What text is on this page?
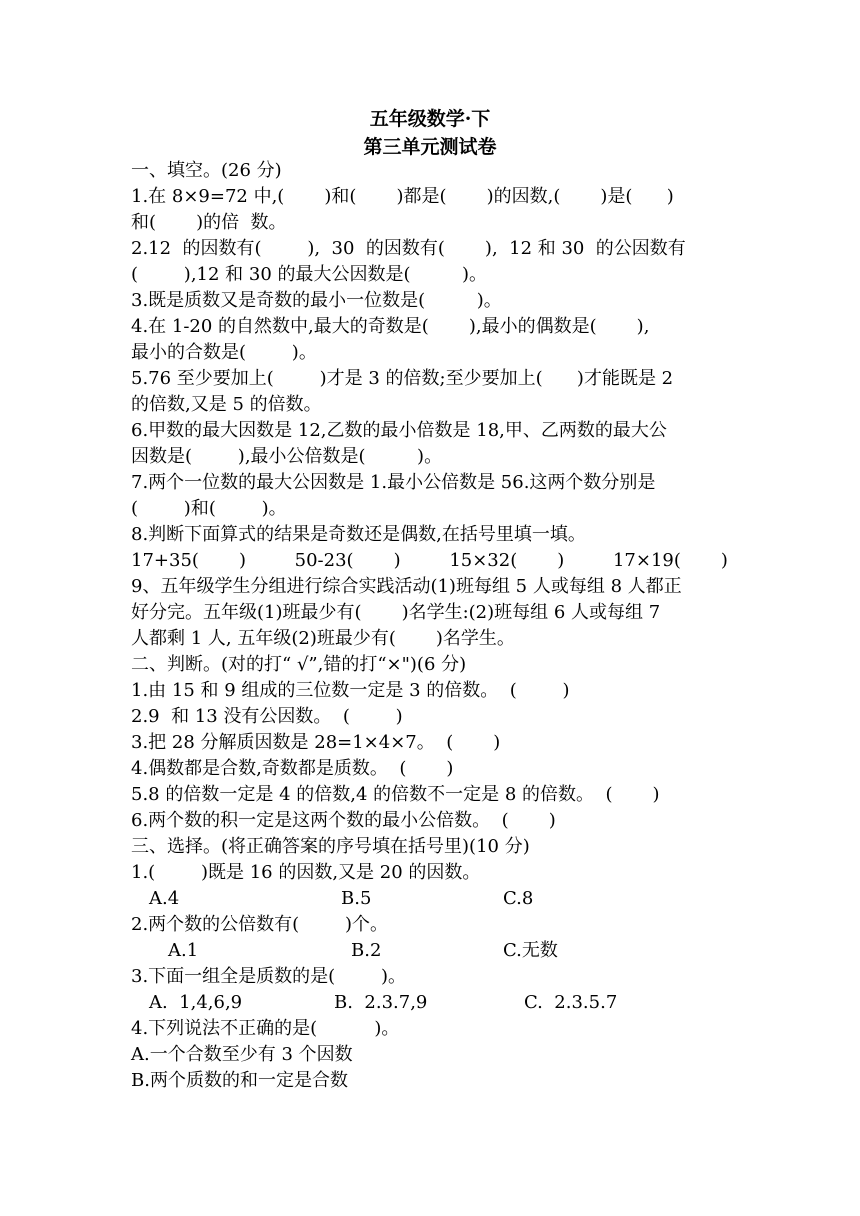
五年级数学·下
第三单元测试卷
一、填空。(26 分)
1.在 8×9=72 中,(       )和(       )都是(       )的因数,(       )是(      )
和(       )的倍  数。
2.12  的因数有(        ),  30  的因数有(       ),  12 和 30  的公因数有
(        ),12 和 30 的最大公因数是(         )。
3.既是质数又是奇数的最小一位数是(         )。
4.在 1-20 的自然数中,最大的奇数是(       ),最小的偶数是(       ),
最小的合数是(        )。
5.76 至少要加上(        )才是 3 的倍数;至少要加上(      )才能既是 2
的倍数,又是 5 的倍数。
6.甲数的最大因数是 12,乙数的最小倍数是 18,甲、乙两数的最大公
因数是(        ),最小公倍数是(         )。
7.两个一位数的最大公因数是 1.最小公倍数是 56.这两个数分别是
(        )和(        )。
8.判断下面算式的结果是奇数还是偶数,在括号里填一填。
17+35(       )	50-23(       )	15×32(       )	17×19(       )
9、五年级学生分组进行综合实践活动(1)班每组 5 人或每组 8 人都正
好分完。五年级(1)班最少有(       )名学生:(2)班每组 6 人或每组 7
人都剩 1 人, 五年级(2)班最少有(       )名学生。
二、判断。(对的打“ √”,错的打“×")(6 分)
1.由 15 和 9 组成的三位数一定是 3 的倍数。  (        )
2.9  和 13 没有公因数。  (        )
3.把 28 分解质因数是 28=1×4×7。  (       )
4.偶数都是合数,奇数都是质数。  (       )
5.8 的倍数一定是 4 的倍数,4 的倍数不一定是 8 的倍数。  (       )
6.两个数的积一定是这两个数的最小公倍数。  (       )
三、选择。(将正确答案的序号填在括号里)(10 分)
1.(        )既是 16 的因数,又是 20 的因数。
A.4	B.5	C.8
2.两个数的公倍数有(        )个。
A.1	B.2	C.无数
3.下面一组全是质数的是(        )。
A.  1,4,6,9	B.  2.3.7,9	C.  2.3.5.7
4.下列说法不正确的是(          )。
A.一个合数至少有 3 个因数
B.两个质数的和一定是合数
